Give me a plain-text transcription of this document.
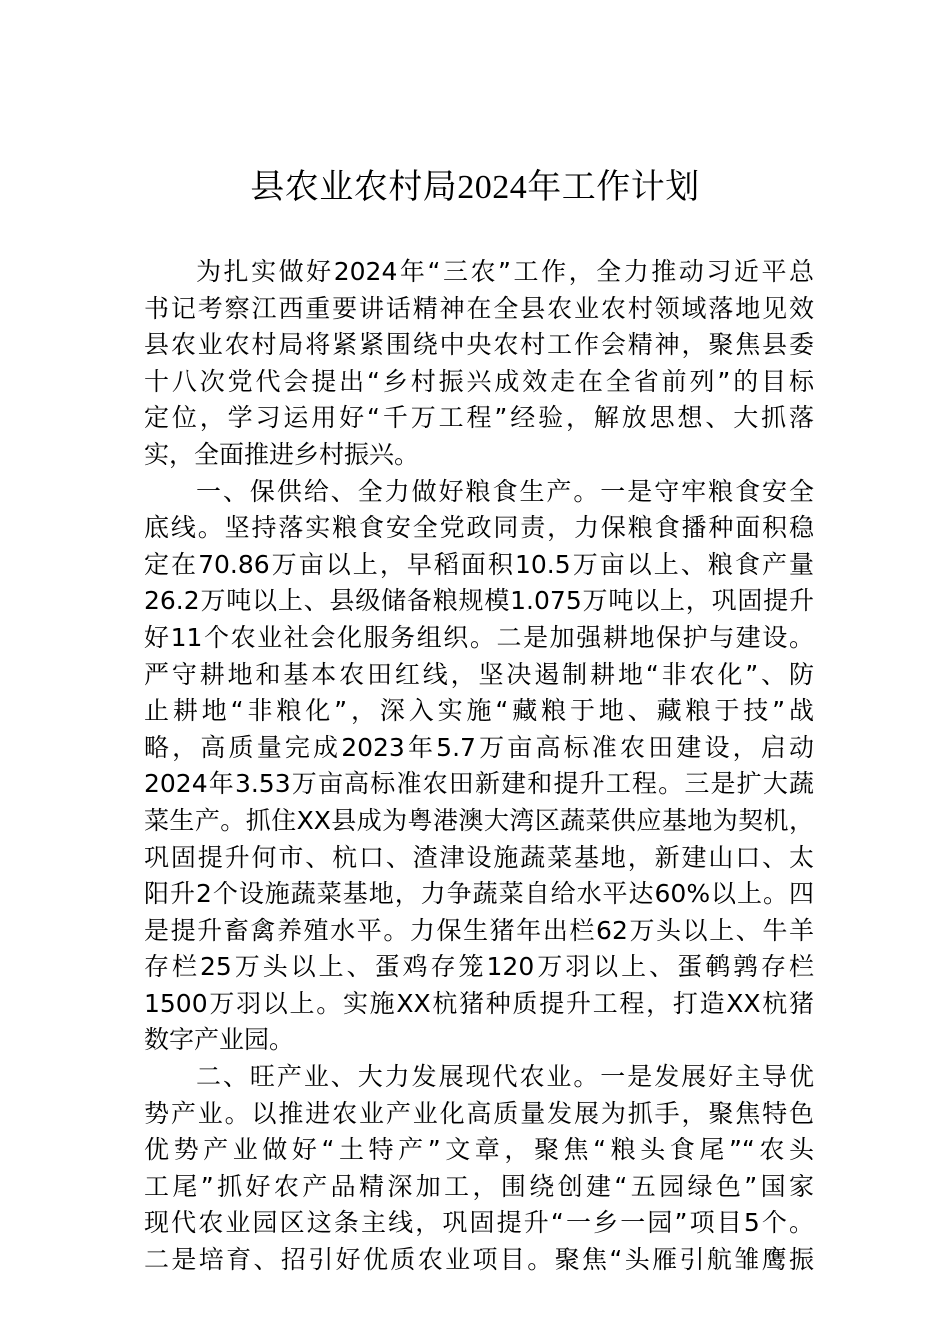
县农业农村局2024年工作计划
为扎实做好2024年“三农”工作，全力推动习近平总
书记考察江西重要讲话精神在全县农业农村领域落地见效
县农业农村局将紧紧围绕中央农村工作会精神，聚焦县委
十八次党代会提出“乡村振兴成效走在全省前列”的目标
定位，学习运用好“千万工程”经验，解放思想、大抓落
实，全面推进乡村振兴。
一、保供给、全力做好粮食生产。一是守牢粮食安全
底线。坚持落实粮食安全党政同责，力保粮食播种面积稳
定在70.86万亩以上，早稻面积10.5万亩以上、粮食产量
26.2万吨以上、县级储备粮规模1.075万吨以上，巩固提升
好11个农业社会化服务组织。二是加强耕地保护与建设。
严守耕地和基本农田红线，坚决遏制耕地“非农化”、防
止耕地“非粮化”，深入实施“藏粮于地、藏粮于技”战
略，高质量完成2023年5.7万亩高标准农田建设，启动
2024年3.53万亩高标准农田新建和提升工程。三是扩大蔬
菜生产。抓住XX县成为粤港澳大湾区蔬菜供应基地为契机，
巩固提升何市、杭口、渣津设施蔬菜基地，新建山口、太
阳升2个设施蔬菜基地，力争蔬菜自给水平达60%以上。四
是提升畜禽养殖水平。力保生猪年出栏62万头以上、牛羊
存栏25万头以上、蛋鸡存笼120万羽以上、蛋鹌鹑存栏
1500万羽以上。实施XX杭猪种质提升工程，打造XX杭猪
数字产业园。
二、旺产业、大力发展现代农业。一是发展好主导优
势产业。以推进农业产业化高质量发展为抓手，聚焦特色
优势产业做好“土特产”文章，聚焦“粮头食尾”“农头
工尾”抓好农产品精深加工，围绕创建“五园绿色”国家
现代农业园区这条主线，巩固提升“一乡一园”项目5个。
二是培育、招引好优质农业项目。聚焦“头雁引航雏鹰振
